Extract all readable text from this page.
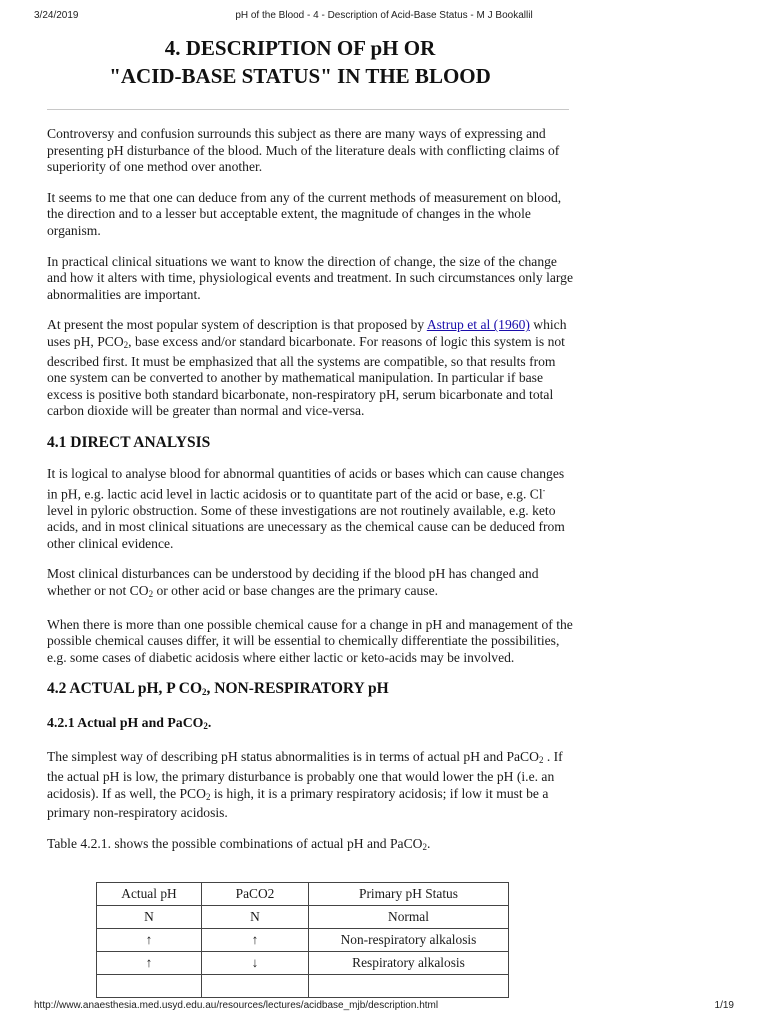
3/24/2019	pH of the Blood - 4 - Description of Acid-Base Status - M J Bookallil
4. DESCRIPTION OF pH OR
"ACID-BASE STATUS" IN THE BLOOD

Controversy and confusion surrounds this subject as there are many ways of expressing and presenting pH disturbance of the blood. Much of the literature deals with conflicting claims of superiority of one method over another.

It seems to me that one can deduce from any of the current methods of measurement on blood, the direction and to a lesser but acceptable extent, the magnitude of changes in the whole organism.

In practical clinical situations we want to know the direction of change, the size of the change and how it alters with time, physiological events and treatment. In such circumstances only large abnormalities are important.

At present the most popular system of description is that proposed by Astrup et al (1960) which uses pH, $PCO_2$, base excess and/or standard bicarbonate. For reasons of logic this system is not described first. It must be emphasized that all the systems are compatible, so that results from one system can be converted to another by mathematical manipulation. In particular if base excess is positive both standard bicarbonate, non-respiratory pH, serum bicarbonate and total carbon dioxide will be greater than normal and vice-versa.

4.1 DIRECT ANALYSIS

It is logical to analyse blood for abnormal quantities of acids or bases which can cause changes in pH, e.g. lactic acid level in lactic acidosis or to quantitate part of the acid or base, e.g. Cl- level in pyloric obstruction. Some of these investigations are not routinely available, e.g. keto acids, and in most clinical situations are unecessary as the chemical cause can be deduced from other clinical evidence.

Most clinical disturbances can be understood by deciding if the blood pH has changed and whether or not $CO_2$ or other acid or base changes are the primary cause.

When there is more than one possible chemical cause for a change in pH and management of the possible chemical causes differ, it will be essential to chemically differentiate the possibilities, e.g. some cases of diabetic acidosis where either lactic or keto-acids may be involved.

4.2 ACTUAL pH, P $CO_2$, NON-RESPIRATORY pH
4.2.1 Actual pH and PaCO$_2$.

The simplest way of describing pH status abnormalities is in terms of actual pH and PaCO$_2$ . If the actual pH is low, the primary disturbance is probably one that would lower the pH (i.e. an acidosis). If as well, the $PCO_2$ is high, it is a primary respiratory acidosis; if low it must be a primary non-respiratory acidosis.

Table 4.2.1. shows the possible combinations of actual pH and PaCO$_2$.

Actual pH	PaCO2	Primary pH Status
N	N	Normal
↑	↑	Non-respiratory alkalosis
↑	↓	Respiratory alkalosis

http://www.anaesthesia.med.usyd.edu.au/resources/lectures/acidbase_mjb/description.html	1/19
